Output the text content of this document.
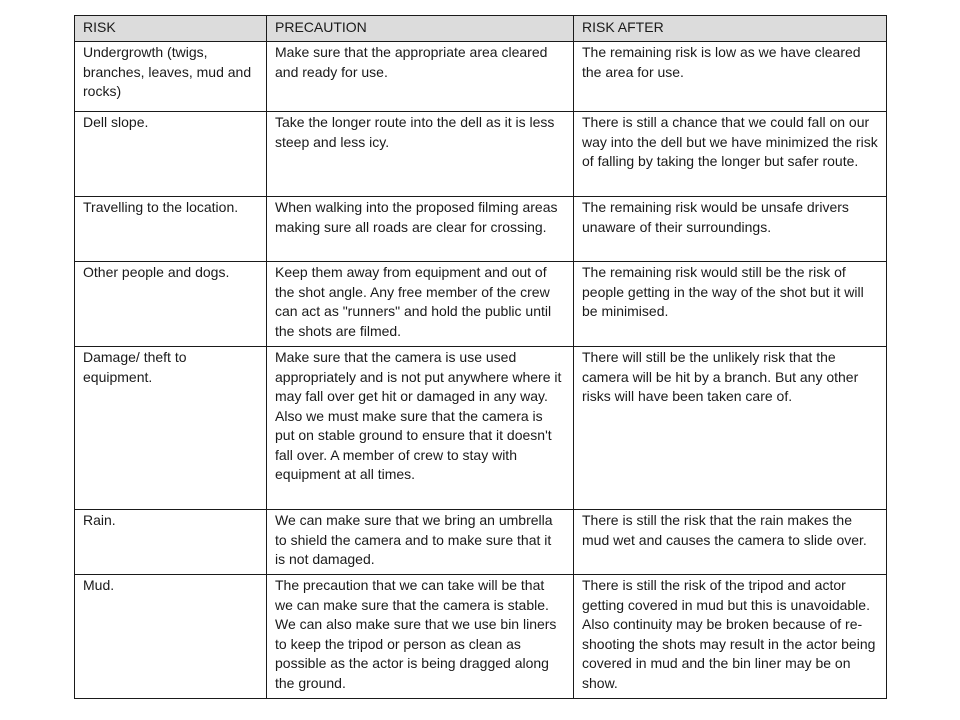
RISK	PRECAUTION	RISK AFTER
Undergrowth (twigs, branches, leaves, mud and rocks)	Make sure that the appropriate area cleared and ready for use.	The remaining risk is low as we have cleared the area for use.
Dell slope.	Take the longer route into the dell as it is less steep and less icy.	There is still a chance that we could fall on our way into the dell but we have minimized the risk of falling by taking the longer but safer route.
Travelling to the location.	When walking into the proposed filming areas making sure all roads are clear for crossing.	The remaining risk would be unsafe drivers unaware of their surroundings.
Other people and dogs.	Keep them away from equipment and out of the shot angle. Any free member of the crew can act as "runners" and hold the public until the shots are filmed.	The remaining risk would still be the risk of people getting in the way of the shot but it will be minimised.
Damage/ theft to equipment.	Make sure that the camera is use used appropriately and is not put anywhere where it may fall over get hit or damaged in any way. Also we must make sure that the camera is put on stable ground to ensure that it doesn't fall over. A member of crew to stay with equipment at all times.	There will still be the unlikely risk that the camera will be hit by a branch. But any other risks will have been taken care of.
Rain.	We can make sure that we bring an umbrella to shield the camera and to make sure that it is not damaged.	There is still the risk that the rain makes the mud wet and causes the camera to slide over.
Mud.	The precaution that we can take will be that we can make sure that the camera is stable. We can also make sure that we use bin liners to keep the tripod or person as clean as possible as the actor is being dragged along the ground.	There is still the risk of the tripod and actor getting covered in mud but this is unavoidable. Also continuity may be broken because of re-shooting the shots may result in the actor being covered in mud and the bin liner may be on show.
